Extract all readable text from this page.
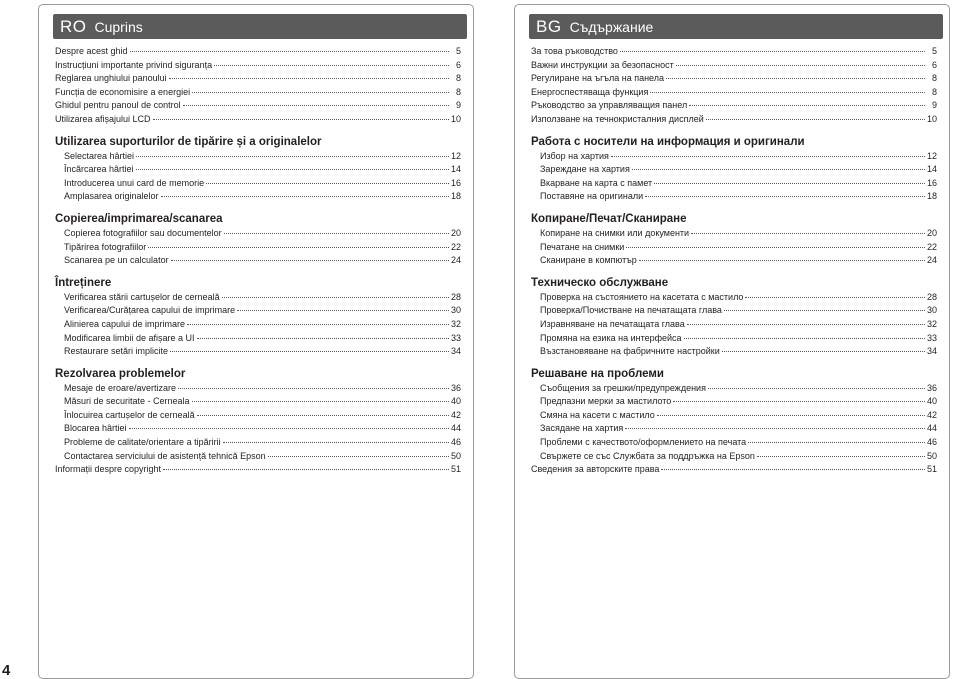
RO Cuprins
Despre acest ghid	5
Instrucțiuni importante privind siguranța	6
Reglarea unghiului panoului	8
Funcția de economisire a energiei	8
Ghidul pentru panoul de control	9
Utilizarea afișajului LCD	10
Utilizarea suporturilor de tipărire și a originalelor
Selectarea hârtiei	12
Încărcarea hârtiei	14
Introducerea unui card de memorie	16
Amplasarea originalelor	18
Copierea/imprimarea/scanarea
Copierea fotografiilor sau documentelor	20
Tipărirea fotografiilor	22
Scanarea pe un calculator	24
Întreținere
Verificarea stării cartușelor de cerneală	28
Verificarea/Curățarea capului de imprimare	30
Alinierea capului de imprimare	32
Modificarea limbii de afișare a UI	33
Restaurare setări implicite	34
Rezolvarea problemelor
Mesaje de eroare/avertizare	36
Măsuri de securitate - Cerneala	40
Înlocuirea cartușelor de cerneală	42
Blocarea hârtiei	44
Probleme de calitate/orientare a tipăririi	46
Contactarea serviciului de asistență tehnică Epson	50
Informații despre copyright	51
BG Съдържание
За това ръководство	5
Важни инструкции за безопасност	6
Регулиране на ъгъла на панела	8
Енергоспестяваща функция	8
Ръководство за управляващия панел	9
Използване на течнокристалния дисплей	10
Работа с носители на информация и оригинали
Избор на хартия	12
Зареждане на хартия	14
Вкарване на карта с памет	16
Поставяне на оригинали	18
Копиране/Печат/Сканиране
Копиране на снимки или документи	20
Печатане на снимки	22
Сканиране в компютър	24
Техническо обслужване
Проверка на състоянието на касетата с мастило	28
Проверка/Почистване на печатащата глава	30
Изравняване на печатащата глава	32
Промяна на езика на интерфейса	33
Възстановяване на фабричните настройки	34
Решаване на проблеми
Съобщения за грешки/предупреждения	36
Предпазни мерки за мастилото	40
Смяна на касети с мастило	42
Засядане на хартия	44
Проблеми с качеството/оформлението на печата	46
Свържете се със Службата за поддръжка на Epson	50
Сведения за авторските права	51
4
